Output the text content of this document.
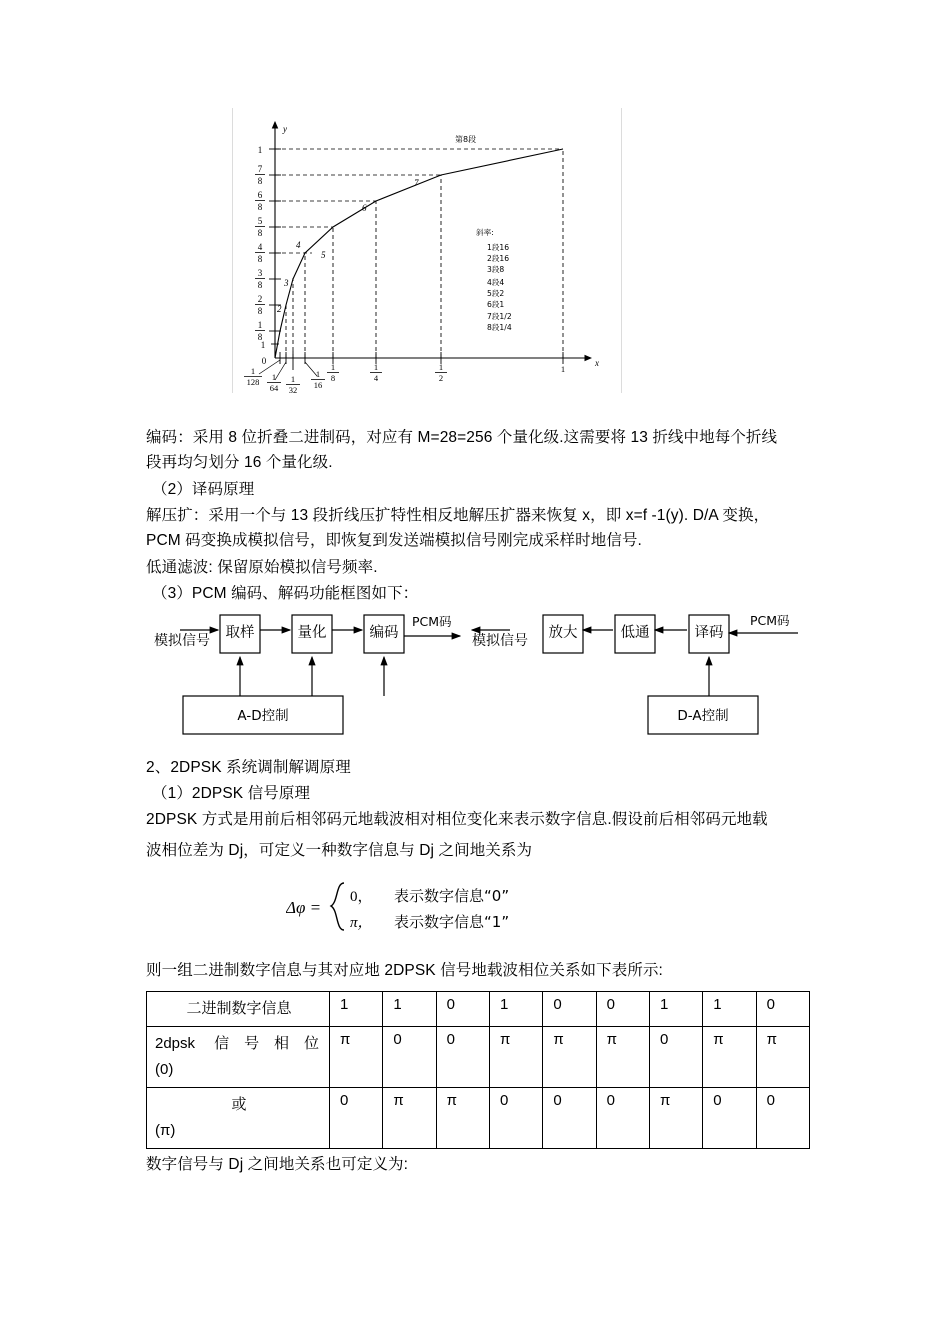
y
x
1
7
8
6
8
5
8
4
8
3
8
2
8
1
8
1
0
1
128 1
64
1
32
1
16
1
8
1
4
1
2
1
2
3
4
5
6
7
第8段
斜率:
1段16
2段16
3段8
4段4
5段2
6段1
7段1/2
8段1/4
编码：采用 8 位折叠二进制码，对应有 M=28=256 个量化级.这需要将 13 折线中地每个折线
段再均匀划分 16 个量化级.
（2）译码原理
解压扩：采用一个与 13 段折线压扩特性相反地解压扩器来恢复 x，即 x=f -1(y). D/A 变换，
PCM 码变换成模拟信号，即恢复到发送端模拟信号刚完成采样时地信号.
低通滤波: 保留原始模拟信号频率.
（3）PCM 编码、解码功能框图如下：
模拟信号 取样	量化	编码
PCM码
A-D控制
模拟信号 放大	低通	译码
PCM码
D-A控制
2、2DPSK 系统调制解调原理
（1）2DPSK 信号原理
2DPSK 方式是用前后相邻码元地载波相对相位变化来表示数字信息.假设前后相邻码元地载
波相位差为 Dj，可定义一种数字信息与 Dj 之间地关系为
Δφ =
0， 表示数字信息“0”
π， 表示数字信息“1”
则一组二进制数字信息与其对应地 2DPSK 信号地载波相位关系如下表所示:
二进制数字信息	1	1	0	1	0	0	1	1	0

2dpsk 信号相位
(0)	π	0	0	π	π	π	0	π	π

或
(π)	0	π	π	0	0	0	π	0	0
数字信号与 Dj 之间地关系也可定义为:
